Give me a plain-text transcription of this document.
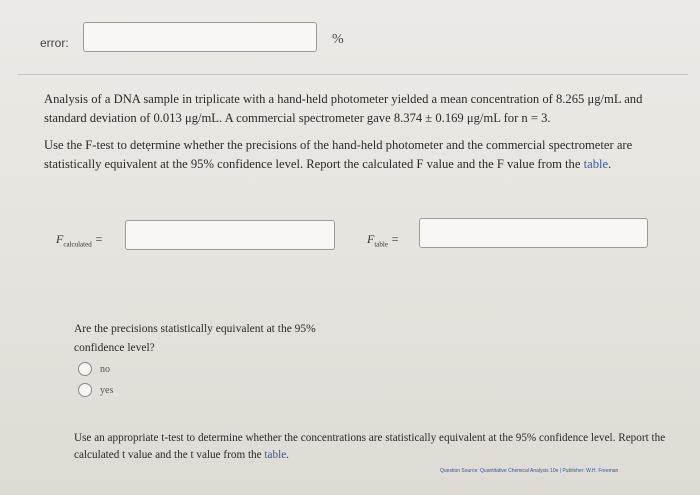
error:	%

Analysis of a DNA sample in triplicate with a hand-held photometer yielded a mean concentration of 8.265 μg/mL and standard deviation of 0.013 μg/mL. A commercial spectrometer gave 8.374 ± 0.169 μg/mL for n = 3.

Use the F-test to detẹrmine whether the precisions of the hand-held photometer and the commercial spectrometer are statistically equivalent at the 95% confidence level. Report the calculated F value and the F value from the table.

$F_{calculated}$ =	$F_{table}$ =
Are the precisions statistically equivalent at the 95% confidence level?
no
yes
Use an appropriate t-test to determine whether the concentrations are statistically equivalent at the 95% confidence level. Report the calculated t value and the t value from the table.
Question Source: Quantitative Chemical Analysis 10e | Publisher: W.H. Freeman
